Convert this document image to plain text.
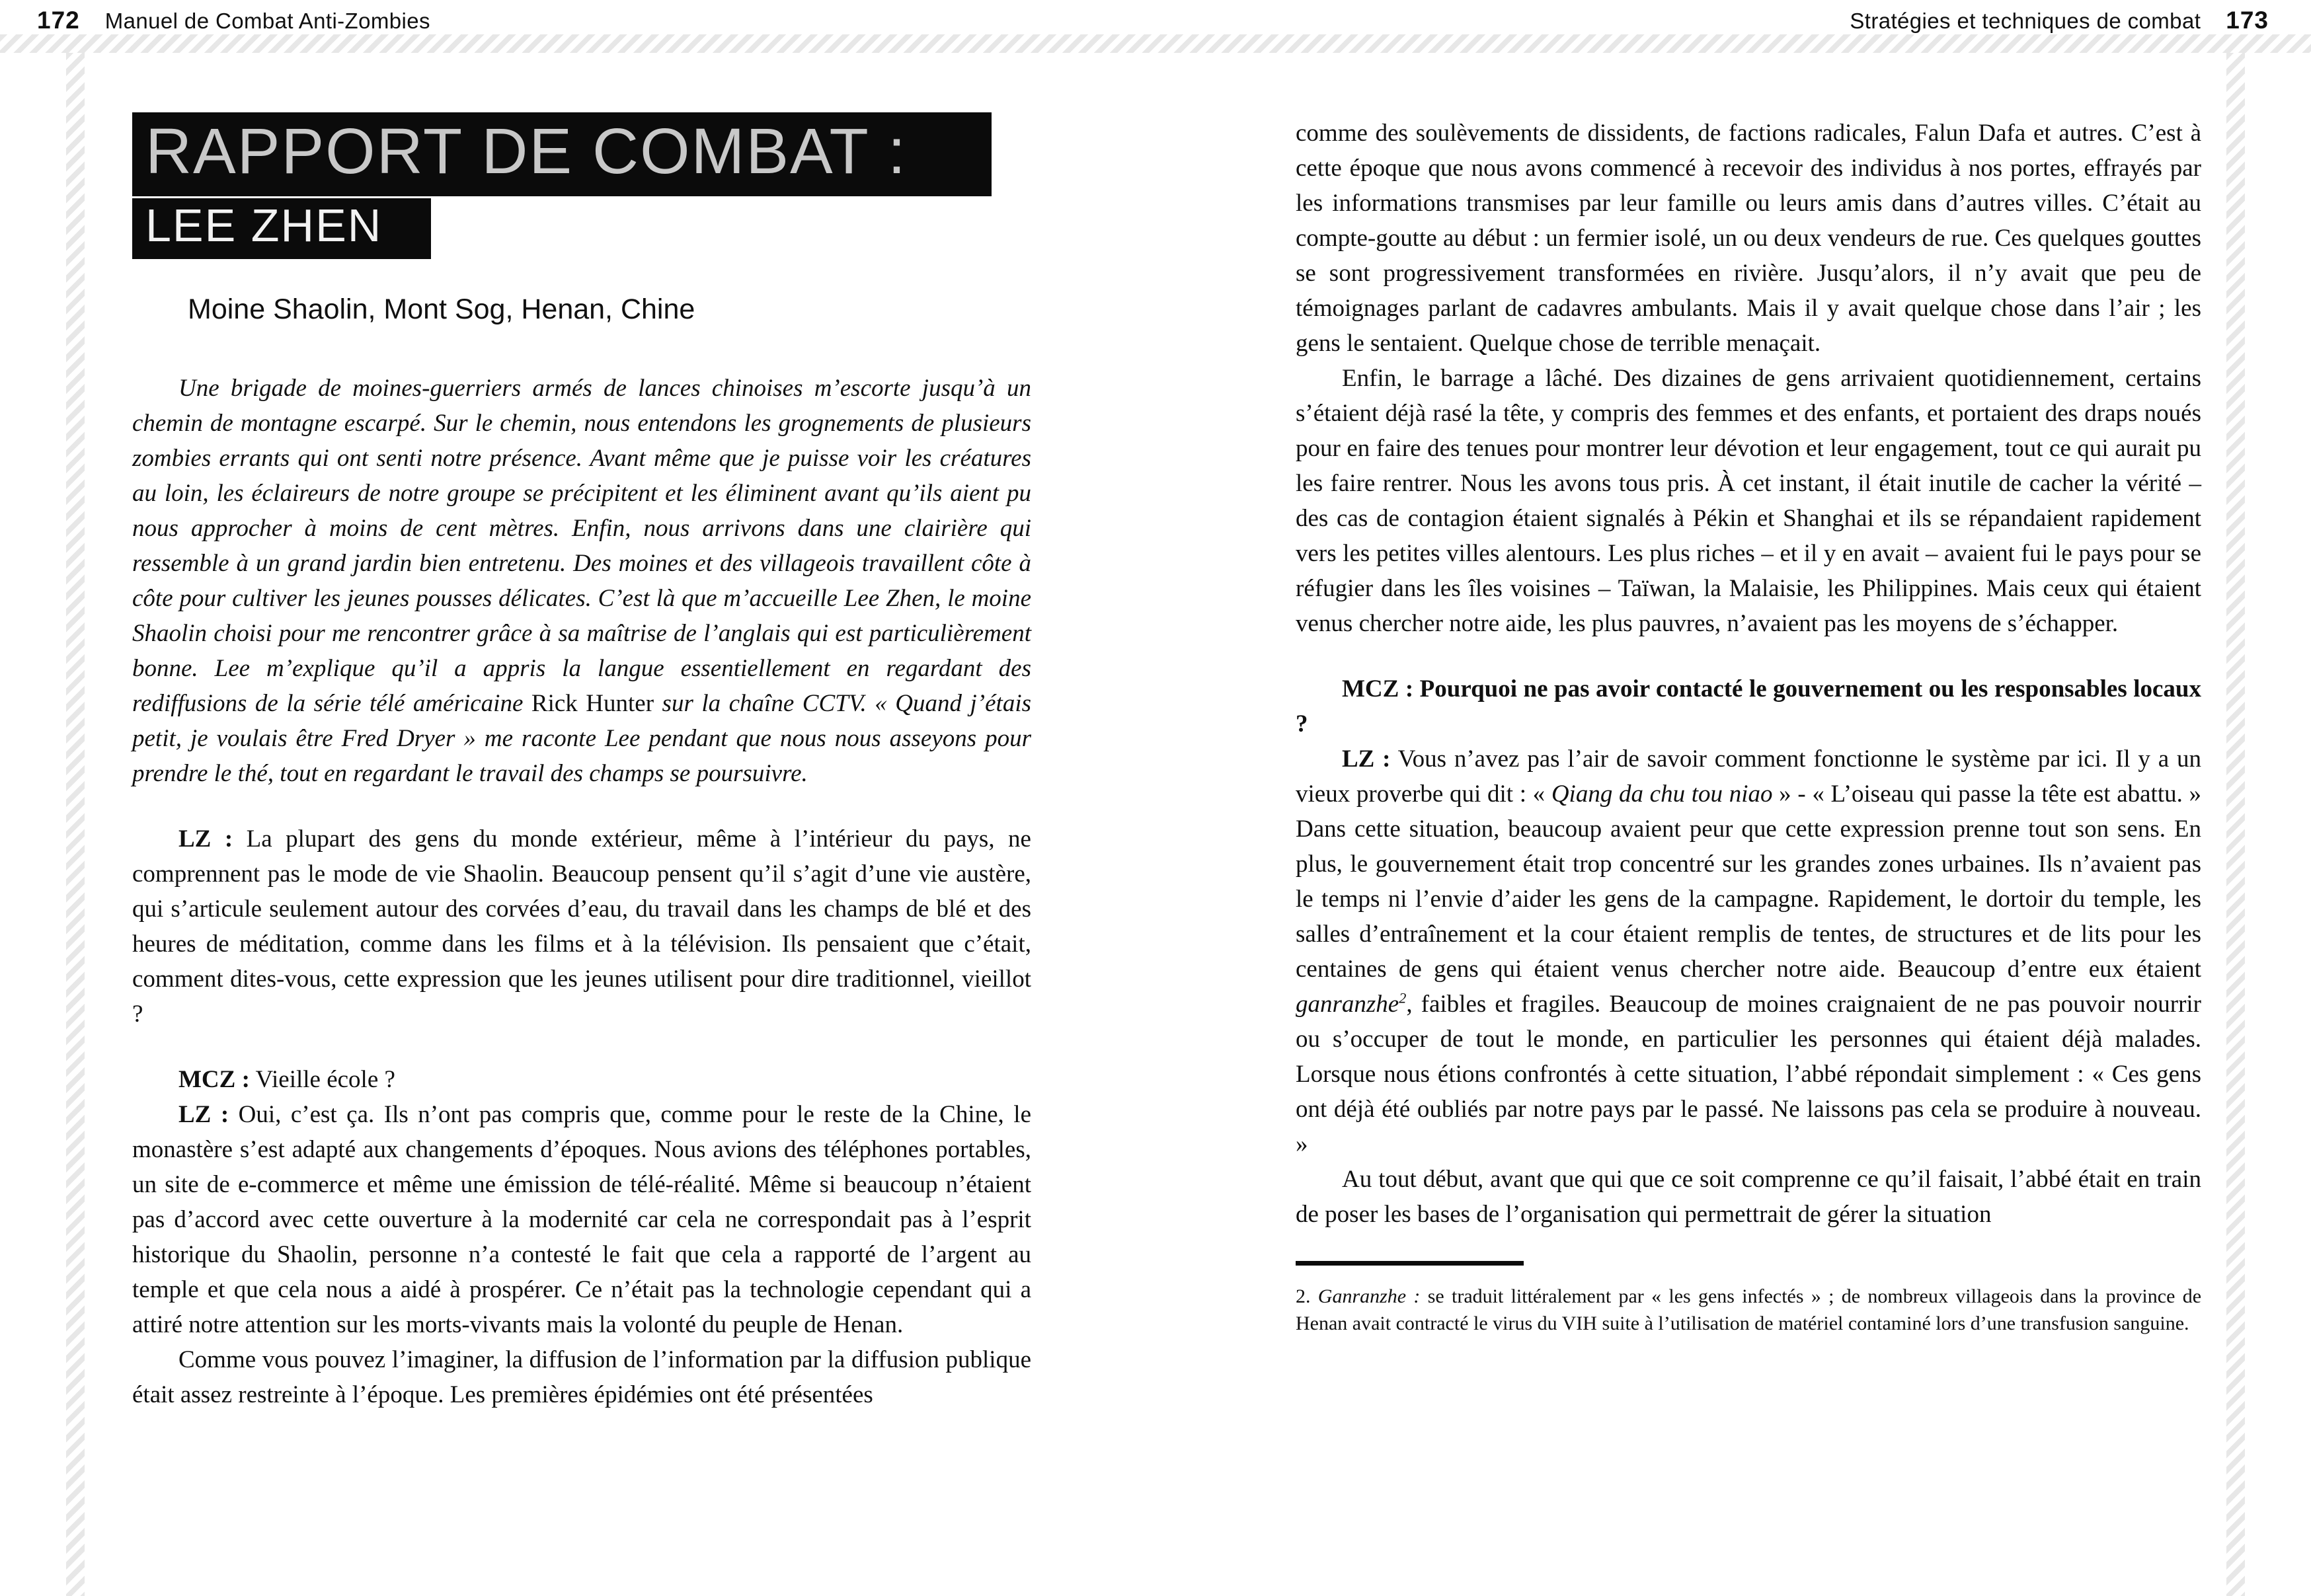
172 Manuel de Combat Anti-Zombies	Stratégies et techniques de combat 173
RAPPORT DE COMBAT :
LEE ZHEN

Moine Shaolin, Mont Sog, Henan, Chine

Une brigade de moines-guerriers armés de lances chinoises m’escorte jusqu’à un chemin de montagne escarpé. Sur le chemin, nous entendons les grognements de plusieurs zombies errants qui ont senti notre présence. Avant même que je puisse voir les créatures au loin, les éclaireurs de notre groupe se précipitent et les éliminent avant qu’ils aient pu nous approcher à moins de cent mètres. Enfin, nous arrivons dans une clairière qui ressemble à un grand jardin bien entretenu. Des moines et des villageois travaillent côte à côte pour cultiver les jeunes pousses délicates. C’est là que m’accueille Lee Zhen, le moine Shaolin choisi pour me rencontrer grâce à sa maîtrise de l’anglais qui est particulièrement bonne. Lee m’explique qu’il a appris la langue essentiellement en regardant des rediffusions de la série télé américaine Rick Hunter sur la chaîne CCTV. « Quand j’étais petit, je voulais être Fred Dryer » me raconte Lee pendant que nous nous asseyons pour prendre le thé, tout en regardant le travail des champs se poursuivre.

LZ : La plupart des gens du monde extérieur, même à l’intérieur du pays, ne comprennent pas le mode de vie Shaolin. Beaucoup pensent qu’il s’agit d’une vie austère, qui s’articule seulement autour des corvées d’eau, du travail dans les champs de blé et des heures de méditation, comme dans les films et à la télévision. Ils pensaient que c’était, comment dites-vous, cette expression que les jeunes utilisent pour dire traditionnel, vieillot ?

MCZ : Vieille école ?

LZ : Oui, c’est ça. Ils n’ont pas compris que, comme pour le reste de la Chine, le monastère s’est adapté aux changements d’époques. Nous avions des téléphones portables, un site de e-commerce et même une émission de télé-réalité. Même si beaucoup n’étaient pas d’accord avec cette ouverture à la modernité car cela ne correspondait pas à l’esprit historique du Shaolin, personne n’a contesté le fait que cela a rapporté de l’argent au temple et que cela nous a aidé à prospérer. Ce n’était pas la technologie cependant qui a attiré notre attention sur les morts-vivants mais la volonté du peuple de Henan.

Comme vous pouvez l’imaginer, la diffusion de l’information par la diffusion publique était assez restreinte à l’époque. Les premières épidémies ont été présentées

comme des soulèvements de dissidents, de factions radicales, Falun Dafa et autres. C’est à cette époque que nous avons commencé à recevoir des individus à nos portes, effrayés par les informations transmises par leur famille ou leurs amis dans d’autres villes. C’était au compte-goutte au début : un fermier isolé, un ou deux vendeurs de rue. Ces quelques gouttes se sont progressivement transformées en rivière. Jusqu’alors, il n’y avait que peu de témoignages parlant de cadavres ambulants. Mais il y avait quelque chose dans l’air ; les gens le sentaient. Quelque chose de terrible menaçait.

Enfin, le barrage a lâché. Des dizaines de gens arrivaient quotidiennement, certains s’étaient déjà rasé la tête, y compris des femmes et des enfants, et portaient des draps noués pour en faire des tenues pour montrer leur dévotion et leur engagement, tout ce qui aurait pu les faire rentrer. Nous les avons tous pris. À cet instant, il était inutile de cacher la vérité – des cas de contagion étaient signalés à Pékin et Shanghai et ils se répandaient rapidement vers les petites villes alentours. Les plus riches – et il y en avait – avaient fui le pays pour se réfugier dans les îles voisines – Taïwan, la Malaisie, les Philippines. Mais ceux qui étaient venus chercher notre aide, les plus pauvres, n’avaient pas les moyens de s’échapper.

MCZ : Pourquoi ne pas avoir contacté le gouvernement ou les responsables locaux ?

LZ : Vous n’avez pas l’air de savoir comment fonctionne le système par ici. Il y a un vieux proverbe qui dit : « Qiang da chu tou niao » - « L’oiseau qui passe la tête est abattu. » Dans cette situation, beaucoup avaient peur que cette expression prenne tout son sens. En plus, le gouvernement était trop concentré sur les grandes zones urbaines. Ils n’avaient pas le temps ni l’envie d’aider les gens de la campagne. Rapidement, le dortoir du temple, les salles d’entraînement et la cour étaient remplis de tentes, de structures et de lits pour les centaines de gens qui étaient venus chercher notre aide. Beaucoup d’entre eux étaient ganranzhe$^2$, faibles et fragiles. Beaucoup de moines craignaient de ne pas pouvoir nourrir ou s’occuper de tout le monde, en particulier les personnes qui étaient déjà malades. Lorsque nous étions confrontés à cette situation, l’abbé répondait simplement : « Ces gens ont déjà été oubliés par notre pays par le passé. Ne laissons pas cela se produire à nouveau. »

Au tout début, avant que qui que ce soit comprenne ce qu’il faisait, l’abbé était en train de poser les bases de l’organisation qui permettrait de gérer la situation

2. Ganranzhe : se traduit littéralement par « les gens infectés » ; de nombreux villageois dans la province de Henan avait contracté le virus du VIH suite à l’utilisation de matériel contaminé lors d’une transfusion sanguine.
